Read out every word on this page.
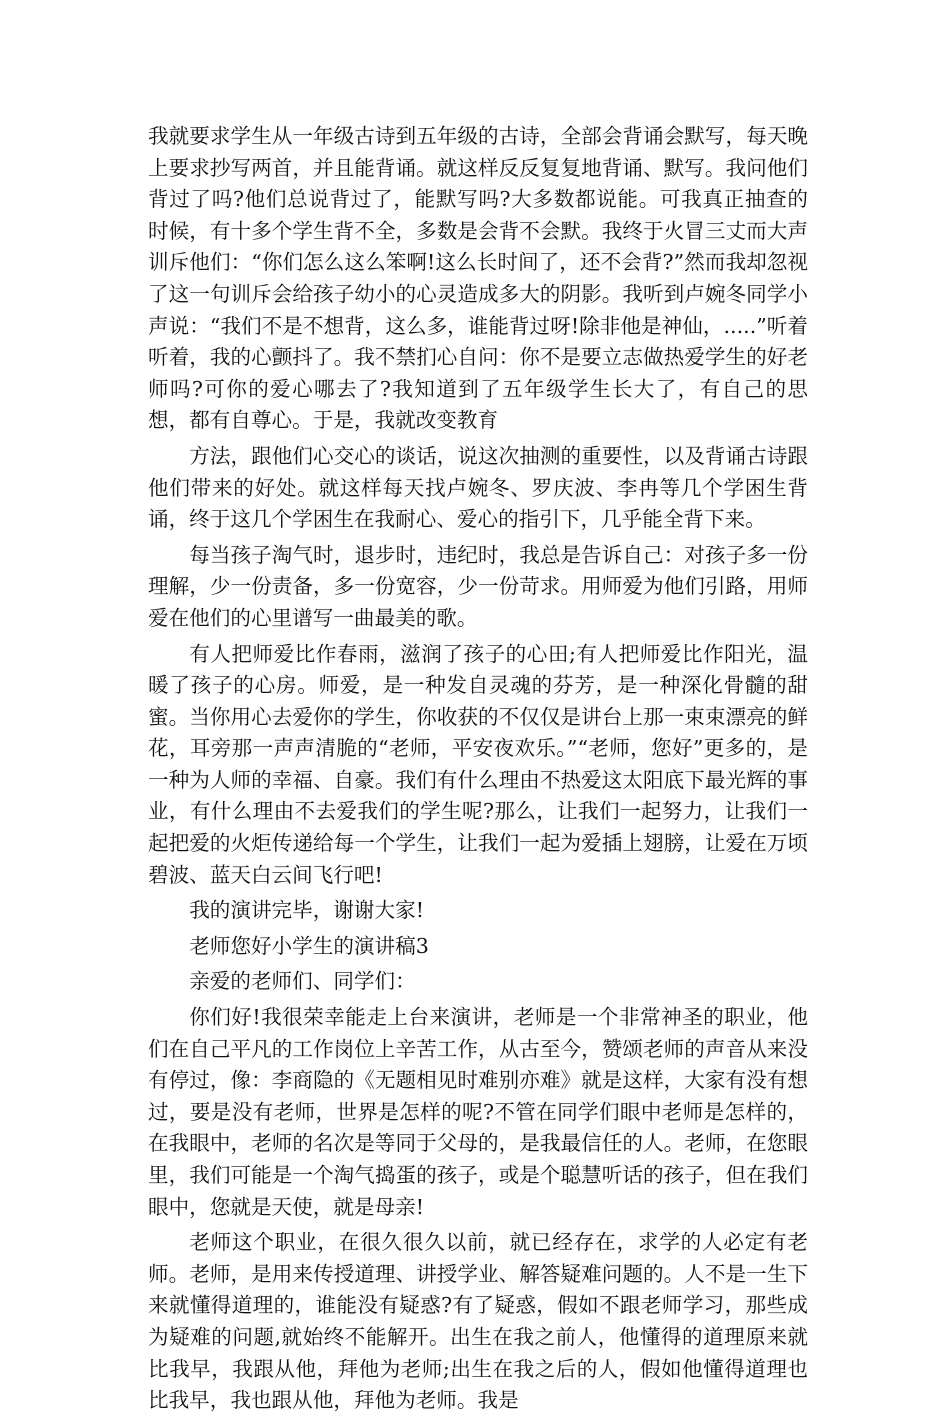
我就要求学生从一年级古诗到五年级的古诗，全部会背诵会默写，每天晚上要求抄写两首，并且能背诵。就这样反反复复地背诵、默写。我问他们背过了吗?他们总说背过了，能默写吗?大多数都说能。可我真正抽查的时候，有十多个学生背不全，多数是会背不会默。我终于火冒三丈而大声训斥他们：“你们怎么这么笨啊!这么长时间了，还不会背?”然而我却忽视了这一句训斥会给孩子幼小的心灵造成多大的阴影。我听到卢婉冬同学小声说：“我们不是不想背，这么多，谁能背过呀!除非他是神仙，.....”听着听着，我的心颤抖了。我不禁扪心自问：你不是要立志做热爱学生的好老师吗?可你的爱心哪去了?我知道到了五年级学生长大了，有自己的思想，都有自尊心。于是，我就改变教育

方法，跟他们心交心的谈话，说这次抽测的重要性，以及背诵古诗跟他们带来的好处。就这样每天找卢婉冬、罗庆波、李冉等几个学困生背诵，终于这几个学困生在我耐心、爱心的指引下，几乎能全背下来。

每当孩子淘气时，退步时，违纪时，我总是告诉自己：对孩子多一份理解，少一份责备，多一份宽容，少一份苛求。用师爱为他们引路，用师爱在他们的心里谱写一曲最美的歌。

有人把师爱比作春雨，滋润了孩子的心田;有人把师爱比作阳光，温暖了孩子的心房。师爱，是一种发自灵魂的芬芳，是一种深化骨髓的甜蜜。当你用心去爱你的学生，你收获的不仅仅是讲台上那一束束漂亮的鲜花，耳旁那一声声清脆的“老师，平安夜欢乐。”“老师，您好”更多的，是一种为人师的幸福、自豪。我们有什么理由不热爱这太阳底下最光辉的事业，有什么理由不去爱我们的学生呢?那么，让我们一起努力，让我们一起把爱的火炬传递给每一个学生，让我们一起为爱插上翅膀，让爱在万顷碧波、蓝天白云间飞行吧!

我的演讲完毕，谢谢大家!

老师您好小学生的演讲稿3

亲爱的老师们、同学们：

你们好!我很荣幸能走上台来演讲，老师是一个非常神圣的职业，他们在自己平凡的工作岗位上辛苦工作，从古至今，赞颂老师的声音从来没有停过，像：李商隐的《无题相见时难别亦难》就是这样，大家有没有想过，要是没有老师，世界是怎样的呢?不管在同学们眼中老师是怎样的，在我眼中，老师的名次是等同于父母的，是我最信任的人。老师，在您眼里，我们可能是一个淘气捣蛋的孩子，或是个聪慧听话的孩子，但在我们眼中，您就是天使，就是母亲!

老师这个职业，在很久很久以前，就已经存在，求学的人必定有老师。老师，是用来传授道理、讲授学业、解答疑难问题的。人不是一生下来就懂得道理的，谁能没有疑惑?有了疑惑，假如不跟老师学习，那些成为疑难的问题,就始终不能解开。出生在我之前人，他懂得的道理原来就比我早，我跟从他，拜他为老师;出生在我之后的人，假如他懂得道理也比我早，我也跟从他，拜他为老师。我是
